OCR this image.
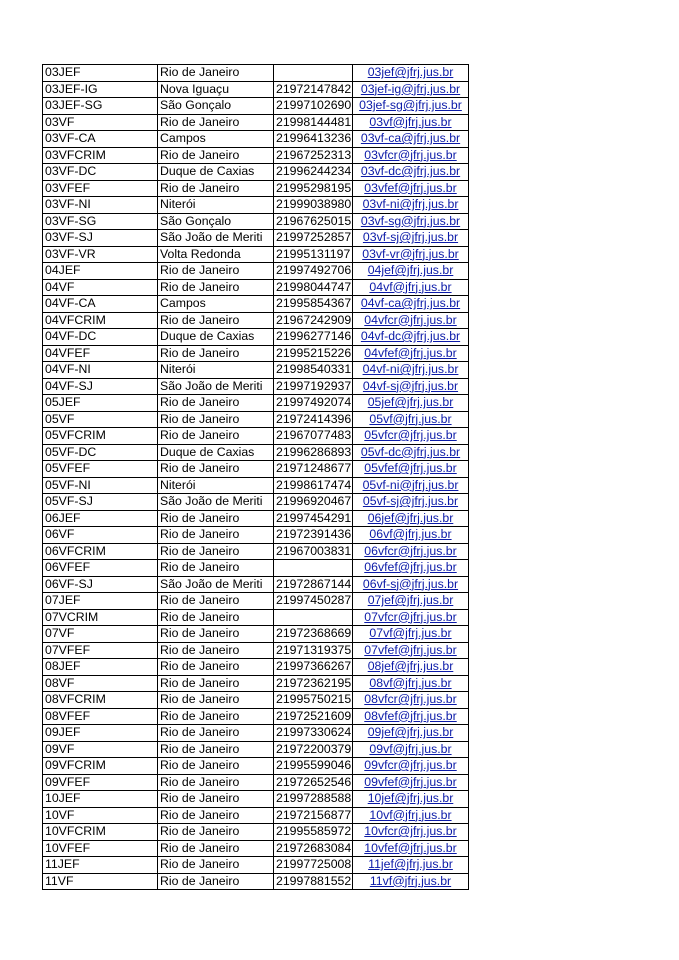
03JEF	Rio de Janeiro		03jef@jfrj.jus.br
03JEF-IG	Nova Iguaçu	21972147842	03jef-ig@jfrj.jus.br
03JEF-SG	São Gonçalo	21997102690	03jef-sg@jfrj.jus.br
03VF	Rio de Janeiro	21998144481	03vf@jfrj.jus.br
03VF-CA	Campos	21996413236	03vf-ca@jfrj.jus.br
03VFCRIM	Rio de Janeiro	21967252313	03vfcr@jfrj.jus.br
03VF-DC	Duque de Caxias	21996244234	03vf-dc@jfrj.jus.br
03VFEF	Rio de Janeiro	21995298195	03vfef@jfrj.jus.br
03VF-NI	Niterói	21999038980	03vf-ni@jfrj.jus.br
03VF-SG	São Gonçalo	21967625015	03vf-sg@jfrj.jus.br
03VF-SJ	São João de Meriti	21997252857	03vf-sj@jfrj.jus.br
03VF-VR	Volta Redonda	21995131197	03vf-vr@jfrj.jus.br
04JEF	Rio de Janeiro	21997492706	04jef@jfrj.jus.br
04VF	Rio de Janeiro	21998044747	04vf@jfrj.jus.br
04VF-CA	Campos	21995854367	04vf-ca@jfrj.jus.br
04VFCRIM	Rio de Janeiro	21967242909	04vfcr@jfrj.jus.br
04VF-DC	Duque de Caxias	21996277146	04vf-dc@jfrj.jus.br
04VFEF	Rio de Janeiro	21995215226	04vfef@jfrj.jus.br
04VF-NI	Niterói	21998540331	04vf-ni@jfrj.jus.br
04VF-SJ	São João de Meriti	21997192937	04vf-sj@jfrj.jus.br
05JEF	Rio de Janeiro	21997492074	05jef@jfrj.jus.br
05VF	Rio de Janeiro	21972414396	05vf@jfrj.jus.br
05VFCRIM	Rio de Janeiro	21967077483	05vfcr@jfrj.jus.br
05VF-DC	Duque de Caxias	21996286893	05vf-dc@jfrj.jus.br
05VFEF	Rio de Janeiro	21971248677	05vfef@jfrj.jus.br
05VF-NI	Niterói	21998617474	05vf-ni@jfrj.jus.br
05VF-SJ	São João de Meriti	21996920467	05vf-sj@jfrj.jus.br
06JEF	Rio de Janeiro	21997454291	06jef@jfrj.jus.br
06VF	Rio de Janeiro	21972391436	06vf@jfrj.jus.br
06VFCRIM	Rio de Janeiro	21967003831	06vfcr@jfrj.jus.br
06VFEF	Rio de Janeiro		06vfef@jfrj.jus.br
06VF-SJ	São João de Meriti	21972867144	06vf-sj@jfrj.jus.br
07JEF	Rio de Janeiro	21997450287	07jef@jfrj.jus.br
07VCRIM	Rio de Janeiro		07vfcr@jfrj.jus.br
07VF	Rio de Janeiro	21972368669	07vf@jfrj.jus.br
07VFEF	Rio de Janeiro	21971319375	07vfef@jfrj.jus.br
08JEF	Rio de Janeiro	21997366267	08jef@jfrj.jus.br
08VF	Rio de Janeiro	21972362195	08vf@jfrj.jus.br
08VFCRIM	Rio de Janeiro	21995750215	08vfcr@jfrj.jus.br
08VFEF	Rio de Janeiro	21972521609	08vfef@jfrj.jus.br
09JEF	Rio de Janeiro	21997330624	09jef@jfrj.jus.br
09VF	Rio de Janeiro	21972200379	09vf@jfrj.jus.br
09VFCRIM	Rio de Janeiro	21995599046	09vfcr@jfrj.jus.br
09VFEF	Rio de Janeiro	21972652546	09vfef@jfrj.jus.br
10JEF	Rio de Janeiro	21997288588	10jef@jfrj.jus.br
10VF	Rio de Janeiro	21972156877	10vf@jfrj.jus.br
10VFCRIM	Rio de Janeiro	21995585972	10vfcr@jfrj.jus.br
10VFEF	Rio de Janeiro	21972683084	10vfef@jfrj.jus.br
11JEF	Rio de Janeiro	21997725008	11jef@jfrj.jus.br
11VF	Rio de Janeiro	21997881552	11vf@jfrj.jus.br
